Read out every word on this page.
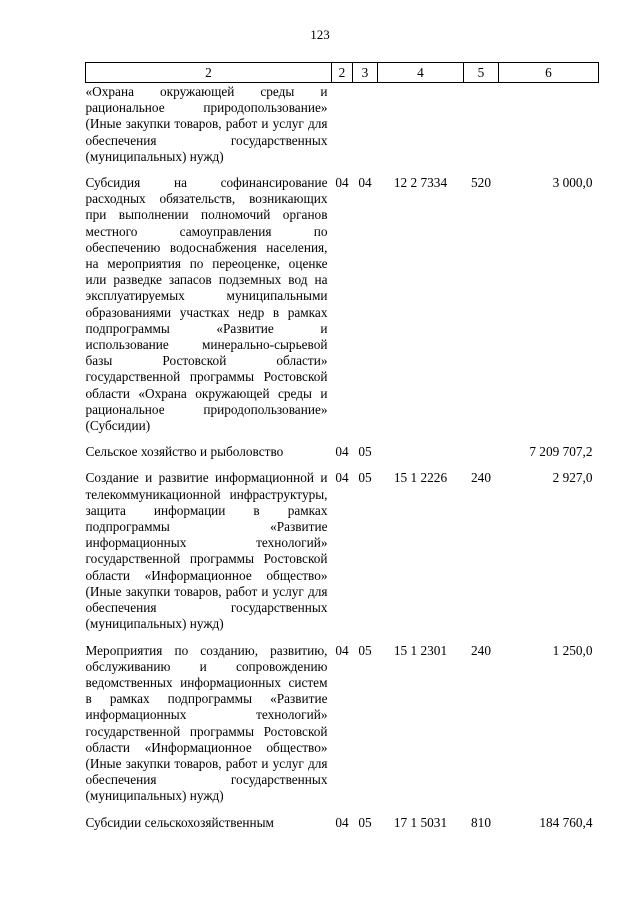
123
2	2	3	4	5	6
«Охрана окружающей среды и рациональное природопользование» (Иные закупки товаров, работ и услуг для обеспечения государственных (муниципальных) нужд)					
Субсидия на софинансирование расходных обязательств, возникающих при выполнении полномочий органов местного самоуправления по обеспечению водоснабжения населения, на мероприятия по переоценке, оценке или разведке запасов подземных вод на эксплуатируемых муниципальными образованиями участках недр в рамках подпрограммы «Развитие и использование минерально-сырьевой базы Ростовской области» государственной программы Ростовской области «Охрана окружающей среды и рациональное природопользование» (Субсидии)	04	04	12 2 7334	520	3 000,0
Сельское хозяйство и рыболовство	04	05			7 209 707,2
Создание и развитие информационной и телекоммуникационной инфраструктуры, защита информации в рамках подпрограммы «Развитие информационных технологий» государственной программы Ростовской области «Информационное общество» (Иные закупки товаров, работ и услуг для обеспечения государственных (муниципальных) нужд)	04	05	15 1 2226	240	2 927,0
Мероприятия по созданию, развитию, обслуживанию и сопровождению ведомственных информационных систем в рамках подпрограммы «Развитие информационных технологий» государственной программы Ростовской области «Информационное общество» (Иные закупки товаров, работ и услуг для обеспечения государственных (муниципальных) нужд)	04	05	15 1 2301	240	1 250,0
Субсидии сельскохозяйственным	04	05	17 1 5031	810	184 760,4
